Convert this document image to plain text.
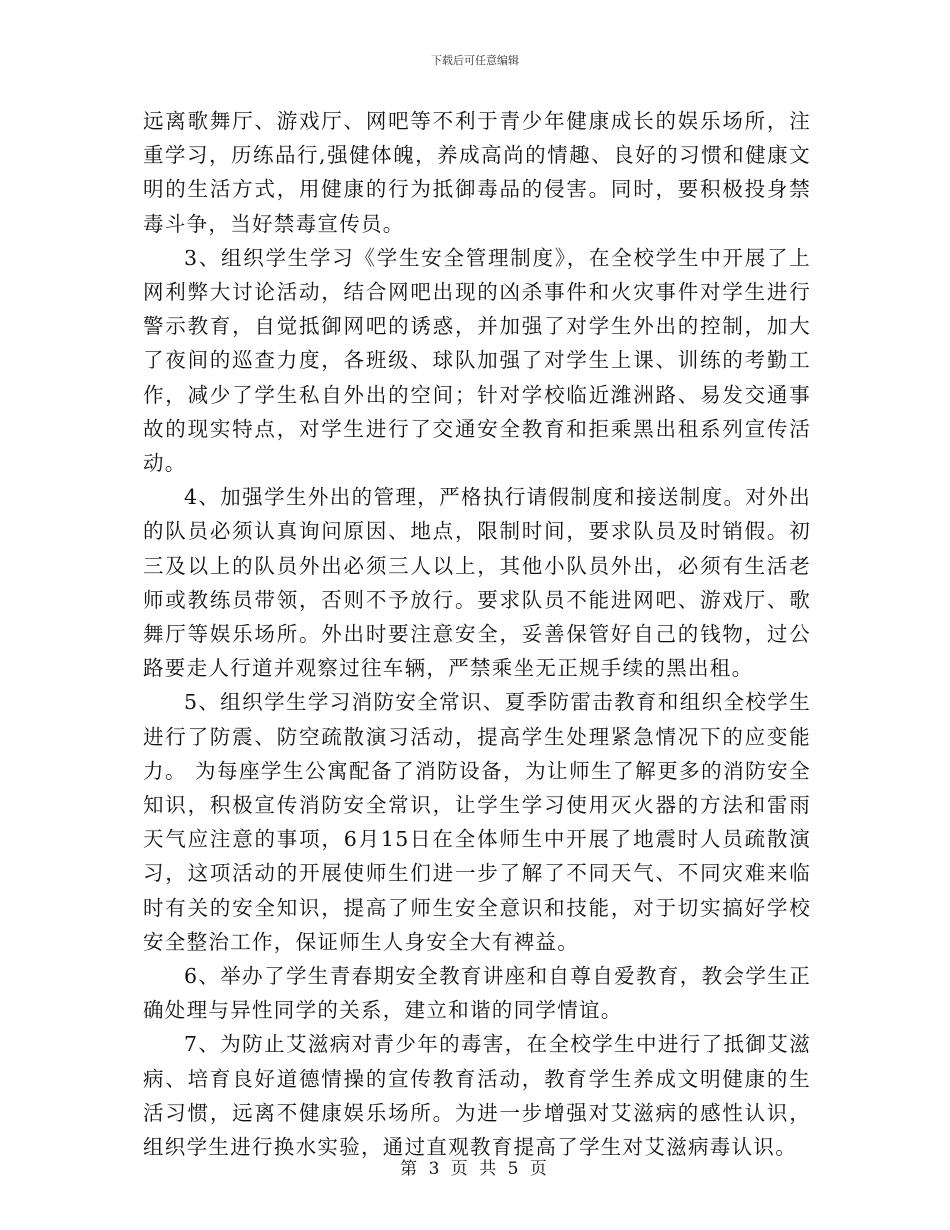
下载后可任意编辑

远离歌舞厅、游戏厅、网吧等不利于青少年健康成长的娱乐场所，注重学习，历练品行,强健体魄，养成高尚的情趣、良好的习惯和健康文明的生活方式，用健康的行为抵御毒品的侵害。同时，要积极投身禁毒斗争，当好禁毒宣传员。

3、组织学生学习《学生安全管理制度》，在全校学生中开展了上网利弊大讨论活动，结合网吧出现的凶杀事件和火灾事件对学生进行警示教育，自觉抵御网吧的诱惑，并加强了对学生外出的控制，加大了夜间的巡查力度，各班级、球队加强了对学生上课、训练的考勤工作，减少了学生私自外出的空间；针对学校临近潍洲路、易发交通事故的现实特点，对学生进行了交通安全教育和拒乘黑出租系列宣传活动。

4、加强学生外出的管理，严格执行请假制度和接送制度。对外出的队员必须认真询问原因、地点，限制时间，要求队员及时销假。初三及以上的队员外出必须三人以上，其他小队员外出，必须有生活老师或教练员带领，否则不予放行。要求队员不能进网吧、游戏厅、歌舞厅等娱乐场所。外出时要注意安全，妥善保管好自己的钱物，过公路要走人行道并观察过往车辆，严禁乘坐无正规手续的黑出租。

5、组织学生学习消防安全常识、夏季防雷击教育和组织全校学生进行了防震、防空疏散演习活动，提高学生处理紧急情况下的应变能力。 为每座学生公寓配备了消防设备，为让师生了解更多的消防安全知识，积极宣传消防安全常识，让学生学习使用灭火器的方法和雷雨天气应注意的事项，6月15日在全体师生中开展了地震时人员疏散演习，这项活动的开展使师生们进一步了解了不同天气、不同灾难来临时有关的安全知识，提高了师生安全意识和技能，对于切实搞好学校安全整治工作，保证师生人身安全大有裨益。

6、举办了学生青春期安全教育讲座和自尊自爱教育，教会学生正确处理与异性同学的关系，建立和谐的同学情谊。

7、为防止艾滋病对青少年的毒害，在全校学生中进行了抵御艾滋病、培育良好道德情操的宣传教育活动，教育学生养成文明健康的生活习惯，远离不健康娱乐场所。为进一步增强对艾滋病的感性认识，组织学生进行换水实验，通过直观教育提高了学生对艾滋病毒认识。

第 3 页 共 5 页
